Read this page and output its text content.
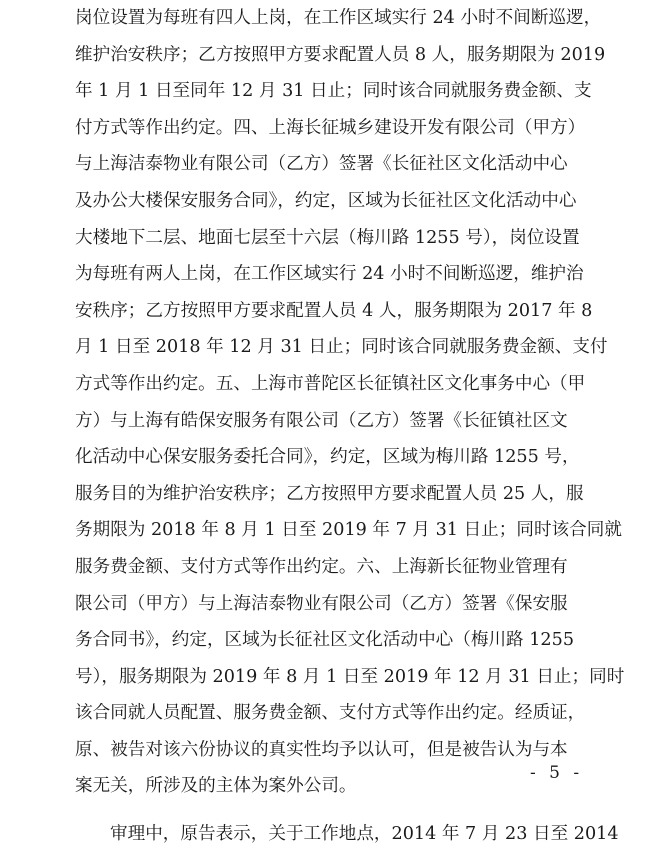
岗位设置为每班有四人上岗，在工作区域实行 24 小时不间断巡逻，
维护治安秩序；乙方按照甲方要求配置人员 8 人，服务期限为 2019
年 1 月 1 日至同年 12 月 31 日止；同时该合同就服务费金额、支
付方式等作出约定。四、上海长征城乡建设开发有限公司（甲方）
与上海洁泰物业有限公司（乙方）签署《长征社区文化活动中心
及办公大楼保安服务合同》，约定，区域为长征社区文化活动中心
大楼地下二层、地面七层至十六层（梅川路 1255 号），岗位设置
为每班有两人上岗，在工作区域实行 24 小时不间断巡逻，维护治
安秩序；乙方按照甲方要求配置人员 4 人，服务期限为 2017 年 8
月 1 日至 2018 年 12 月 31 日止；同时该合同就服务费金额、支付
方式等作出约定。五、上海市普陀区长征镇社区文化事务中心（甲
方）与上海有皓保安服务有限公司（乙方）签署《长征镇社区文
化活动中心保安服务委托合同》，约定，区域为梅川路 1255 号，
服务目的为维护治安秩序；乙方按照甲方要求配置人员 25 人，服
务期限为 2018 年 8 月 1 日至 2019 年 7 月 31 日止；同时该合同就
服务费金额、支付方式等作出约定。六、上海新长征物业管理有
限公司（甲方）与上海洁泰物业有限公司（乙方）签署《保安服
务合同书》，约定，区域为长征社区文化活动中心（梅川路 1255
号），服务期限为 2019 年 8 月 1 日至 2019 年 12 月 31 日止；同时
该合同就人员配置、服务费金额、支付方式等作出约定。经质证，
原、被告对该六份协议的真实性均予以认可，但是被告认为与本
案无关，所涉及的主体为案外公司。
审理中，原告表示，关于工作地点，2014 年 7 月 23 日至 2014
- 5 -
